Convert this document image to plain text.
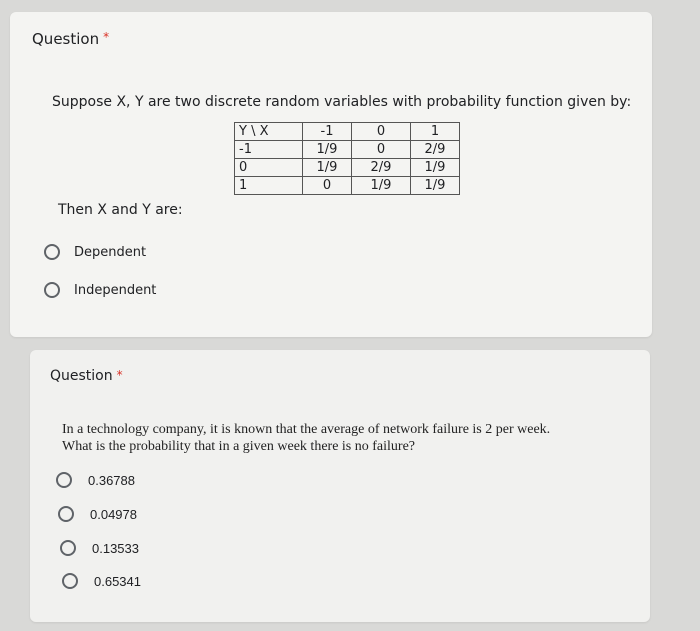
Question *
Suppose X, Y are two discrete random variables with probability function given by:
Y \ X	-1	0	1
-1	1/9	0	2/9
0	1/9	2/9	1/9
1	0	1/9	1/9
Then X and Y are:
Dependent
Independent
Question *
In a technology company, it is known that the average of network failure is 2 per week.
What is the probability that in a given week there is no failure?
0.36788
0.04978
0.13533
0.65341
